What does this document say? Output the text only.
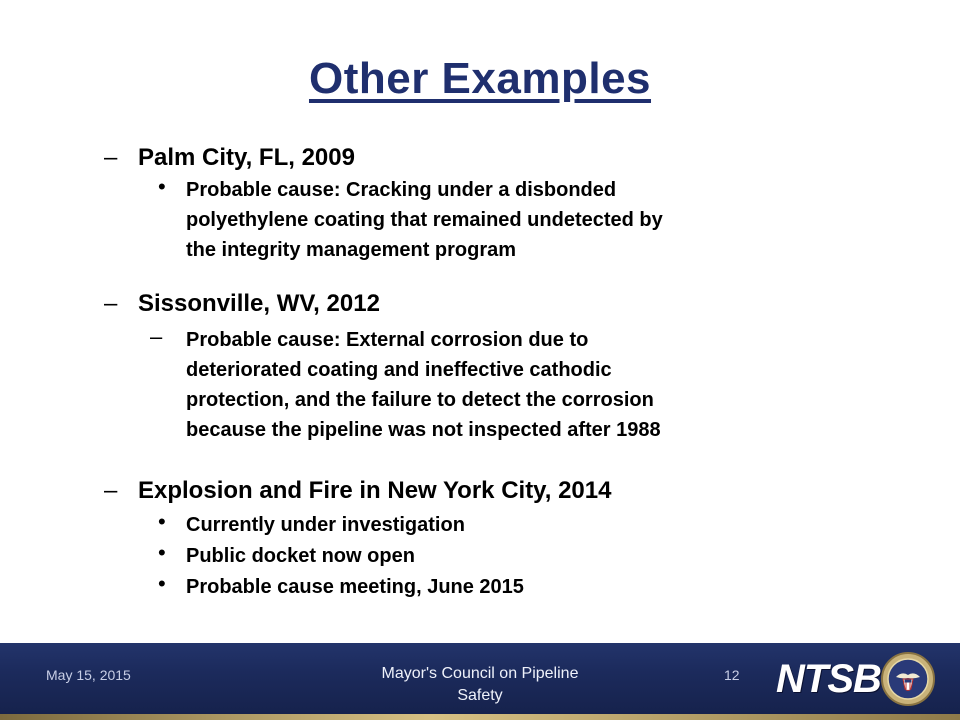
Other Examples
– Palm City, FL, 2009
• Probable cause: Cracking under a disbonded
polyethylene coating that remained undetected by
the integrity management program
– Sissonville, WV, 2012
– Probable cause: External corrosion due to
deteriorated coating and ineffective cathodic
protection, and the failure to detect the corrosion
because the pipeline was not inspected after 1988
– Explosion and Fire in New York City, 2014
• Currently under investigation
• Public docket now open
• Probable cause meeting, June 2015
May 15, 2015	Mayor's Council on Pipeline
Safety
12 NTSB
